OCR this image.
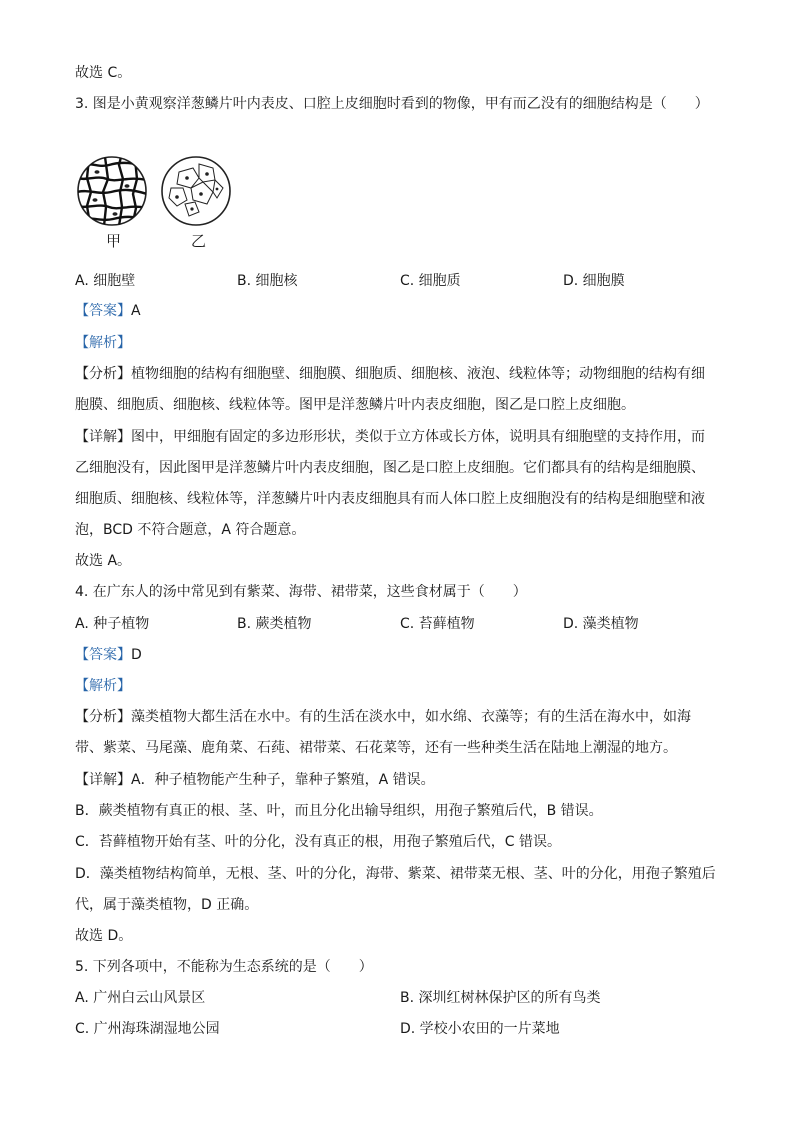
故选 C。
3. 图是小黄观察洋葱鳞片叶内表皮、口腔上皮细胞时看到的物像，甲有而乙没有的细胞结构是（　　）
甲	乙
A. 细胞壁	B. 细胞核	C. 细胞质	D. 细胞膜
【答案】A
【解析】
【分析】植物细胞的结构有细胞壁、细胞膜、细胞质、细胞核、液泡、线粒体等；动物细胞的结构有细
胞膜、细胞质、细胞核、线粒体等。图甲是洋葱鳞片叶内表皮细胞，图乙是口腔上皮细胞。
【详解】图中，甲细胞有固定的多边形形状，类似于立方体或长方体，说明具有细胞壁的支持作用，而
乙细胞没有，因此图甲是洋葱鳞片叶内表皮细胞，图乙是口腔上皮细胞。它们都具有的结构是细胞膜、
细胞质、细胞核、线粒体等，洋葱鳞片叶内表皮细胞具有而人体口腔上皮细胞没有的结构是细胞壁和液
泡，BCD 不符合题意，A 符合题意。
故选 A。
4. 在广东人的汤中常见到有紫菜、海带、裙带菜，这些食材属于（　　）
A. 种子植物	B. 蕨类植物	C. 苔藓植物	D. 藻类植物
【答案】D
【解析】
【分析】藻类植物大都生活在水中。有的生活在淡水中，如水绵、衣藻等；有的生活在海水中，如海
带、紫菜、马尾藻、鹿角菜、石莼、裙带菜、石花菜等，还有一些种类生活在陆地上潮湿的地方。
【详解】A．种子植物能产生种子，靠种子繁殖，A 错误。
B．蕨类植物有真正的根、茎、叶，而且分化出输导组织，用孢子繁殖后代，B 错误。
C．苔藓植物开始有茎、叶的分化，没有真正的根，用孢子繁殖后代，C 错误。
D．藻类植物结构简单，无根、茎、叶的分化，海带、紫菜、裙带菜无根、茎、叶的分化，用孢子繁殖后
代，属于藻类植物，D 正确。
故选 D。
5. 下列各项中，不能称为生态系统的是（　　）
A. 广州白云山风景区	B. 深圳红树林保护区的所有鸟类
C. 广州海珠湖湿地公园	D. 学校小农田的一片菜地
